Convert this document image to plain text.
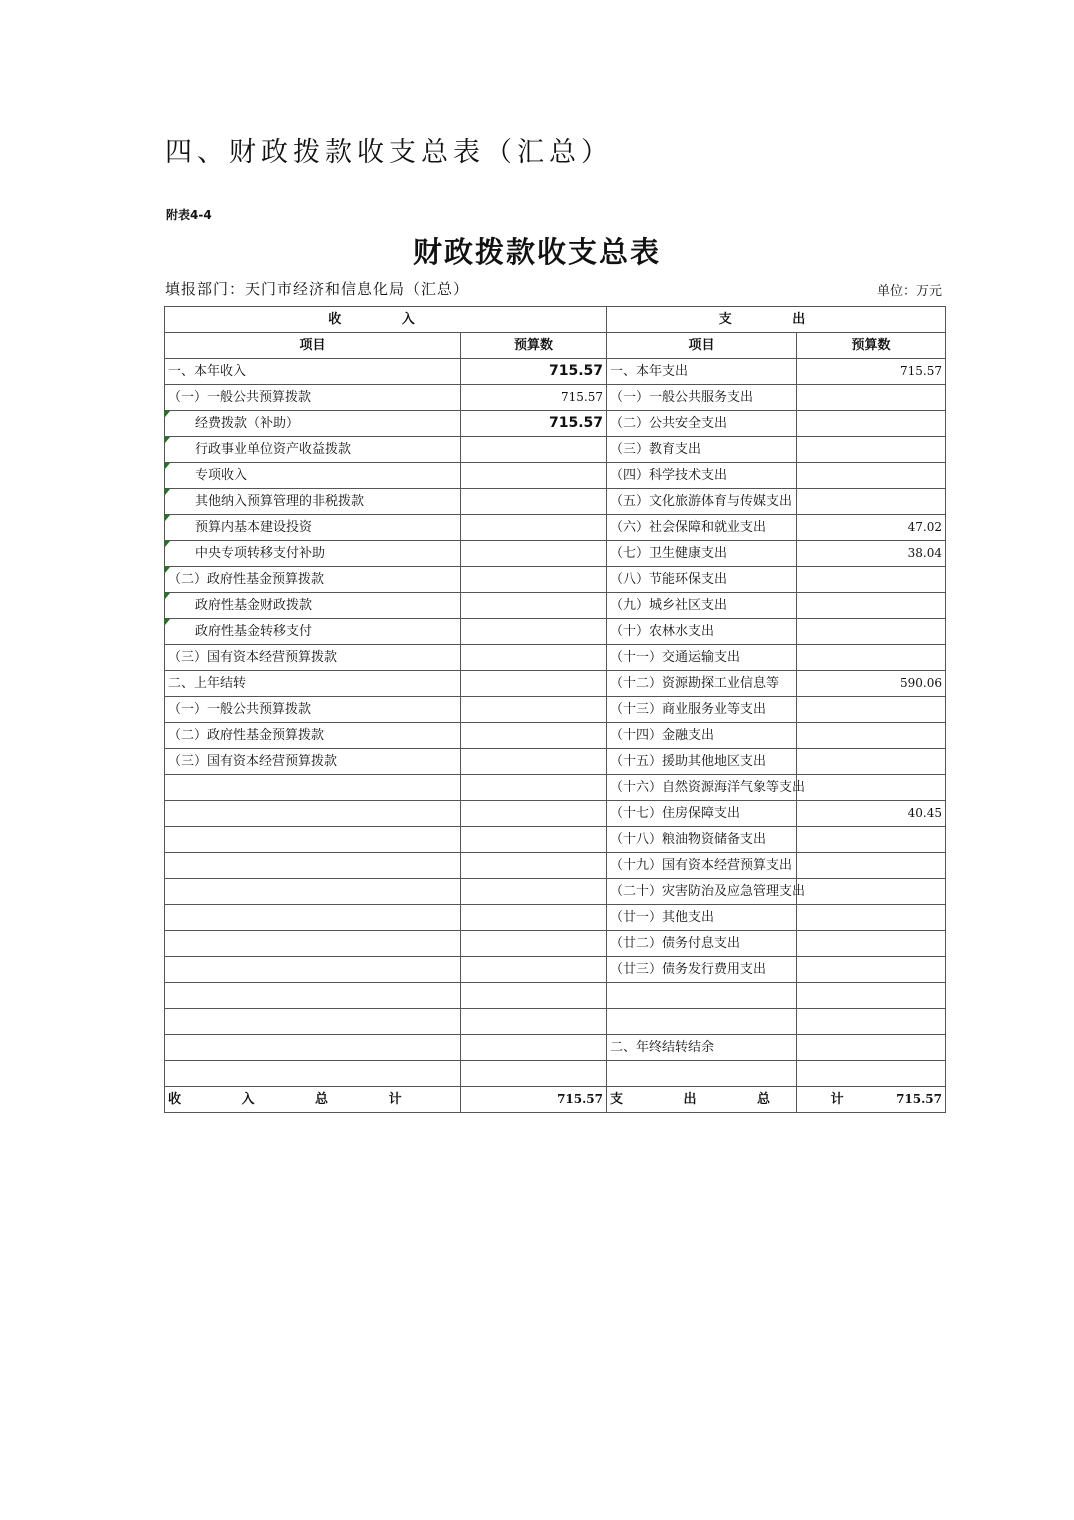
四、财政拨款收支总表（汇总）
附表4-4
财政拨款收支总表
填报部门：天门市经济和信息化局（汇总）	单位：万元
收 入		支 出	
项目	预算数	项目	预算数
一、本年收入	715.57	一、本年支出	715.57
（一）一般公共预算拨款	715.57	（一）一般公共服务支出	
经费拨款（补助）	715.57	（二）公共安全支出	
行政事业单位资产收益拨款		（三）教育支出	
专项收入		（四）科学技术支出	
其他纳入预算管理的非税拨款		（五）文化旅游体育与传媒支出	
预算内基本建设投资		（六）社会保障和就业支出	47.02
中央专项转移支付补助		（七）卫生健康支出	38.04
（二）政府性基金预算拨款		（八）节能环保支出	
政府性基金财政拨款		（九）城乡社区支出	
政府性基金转移支付		（十）农林水支出	
（三）国有资本经营预算拨款		（十一）交通运输支出	
二、上年结转		（十二）资源勘探工业信息等	590.06
（一）一般公共预算拨款		（十三）商业服务业等支出	
（二）政府性基金预算拨款		（十四）金融支出	
（三）国有资本经营预算拨款		（十五）援助其他地区支出	
		（十六）自然资源海洋气象等支出	
		（十七）住房保障支出	40.45
		（十八）粮油物资储备支出	
		（十九）国有资本经营预算支出	
		（二十）灾害防治及应急管理支出	
		（廿一）其他支出	
		（廿二）债务付息支出	
		（廿三）债务发行费用支出	

		二、年终结转结余	

收 入 总 计	715.57	支 出 总 计	715.57
